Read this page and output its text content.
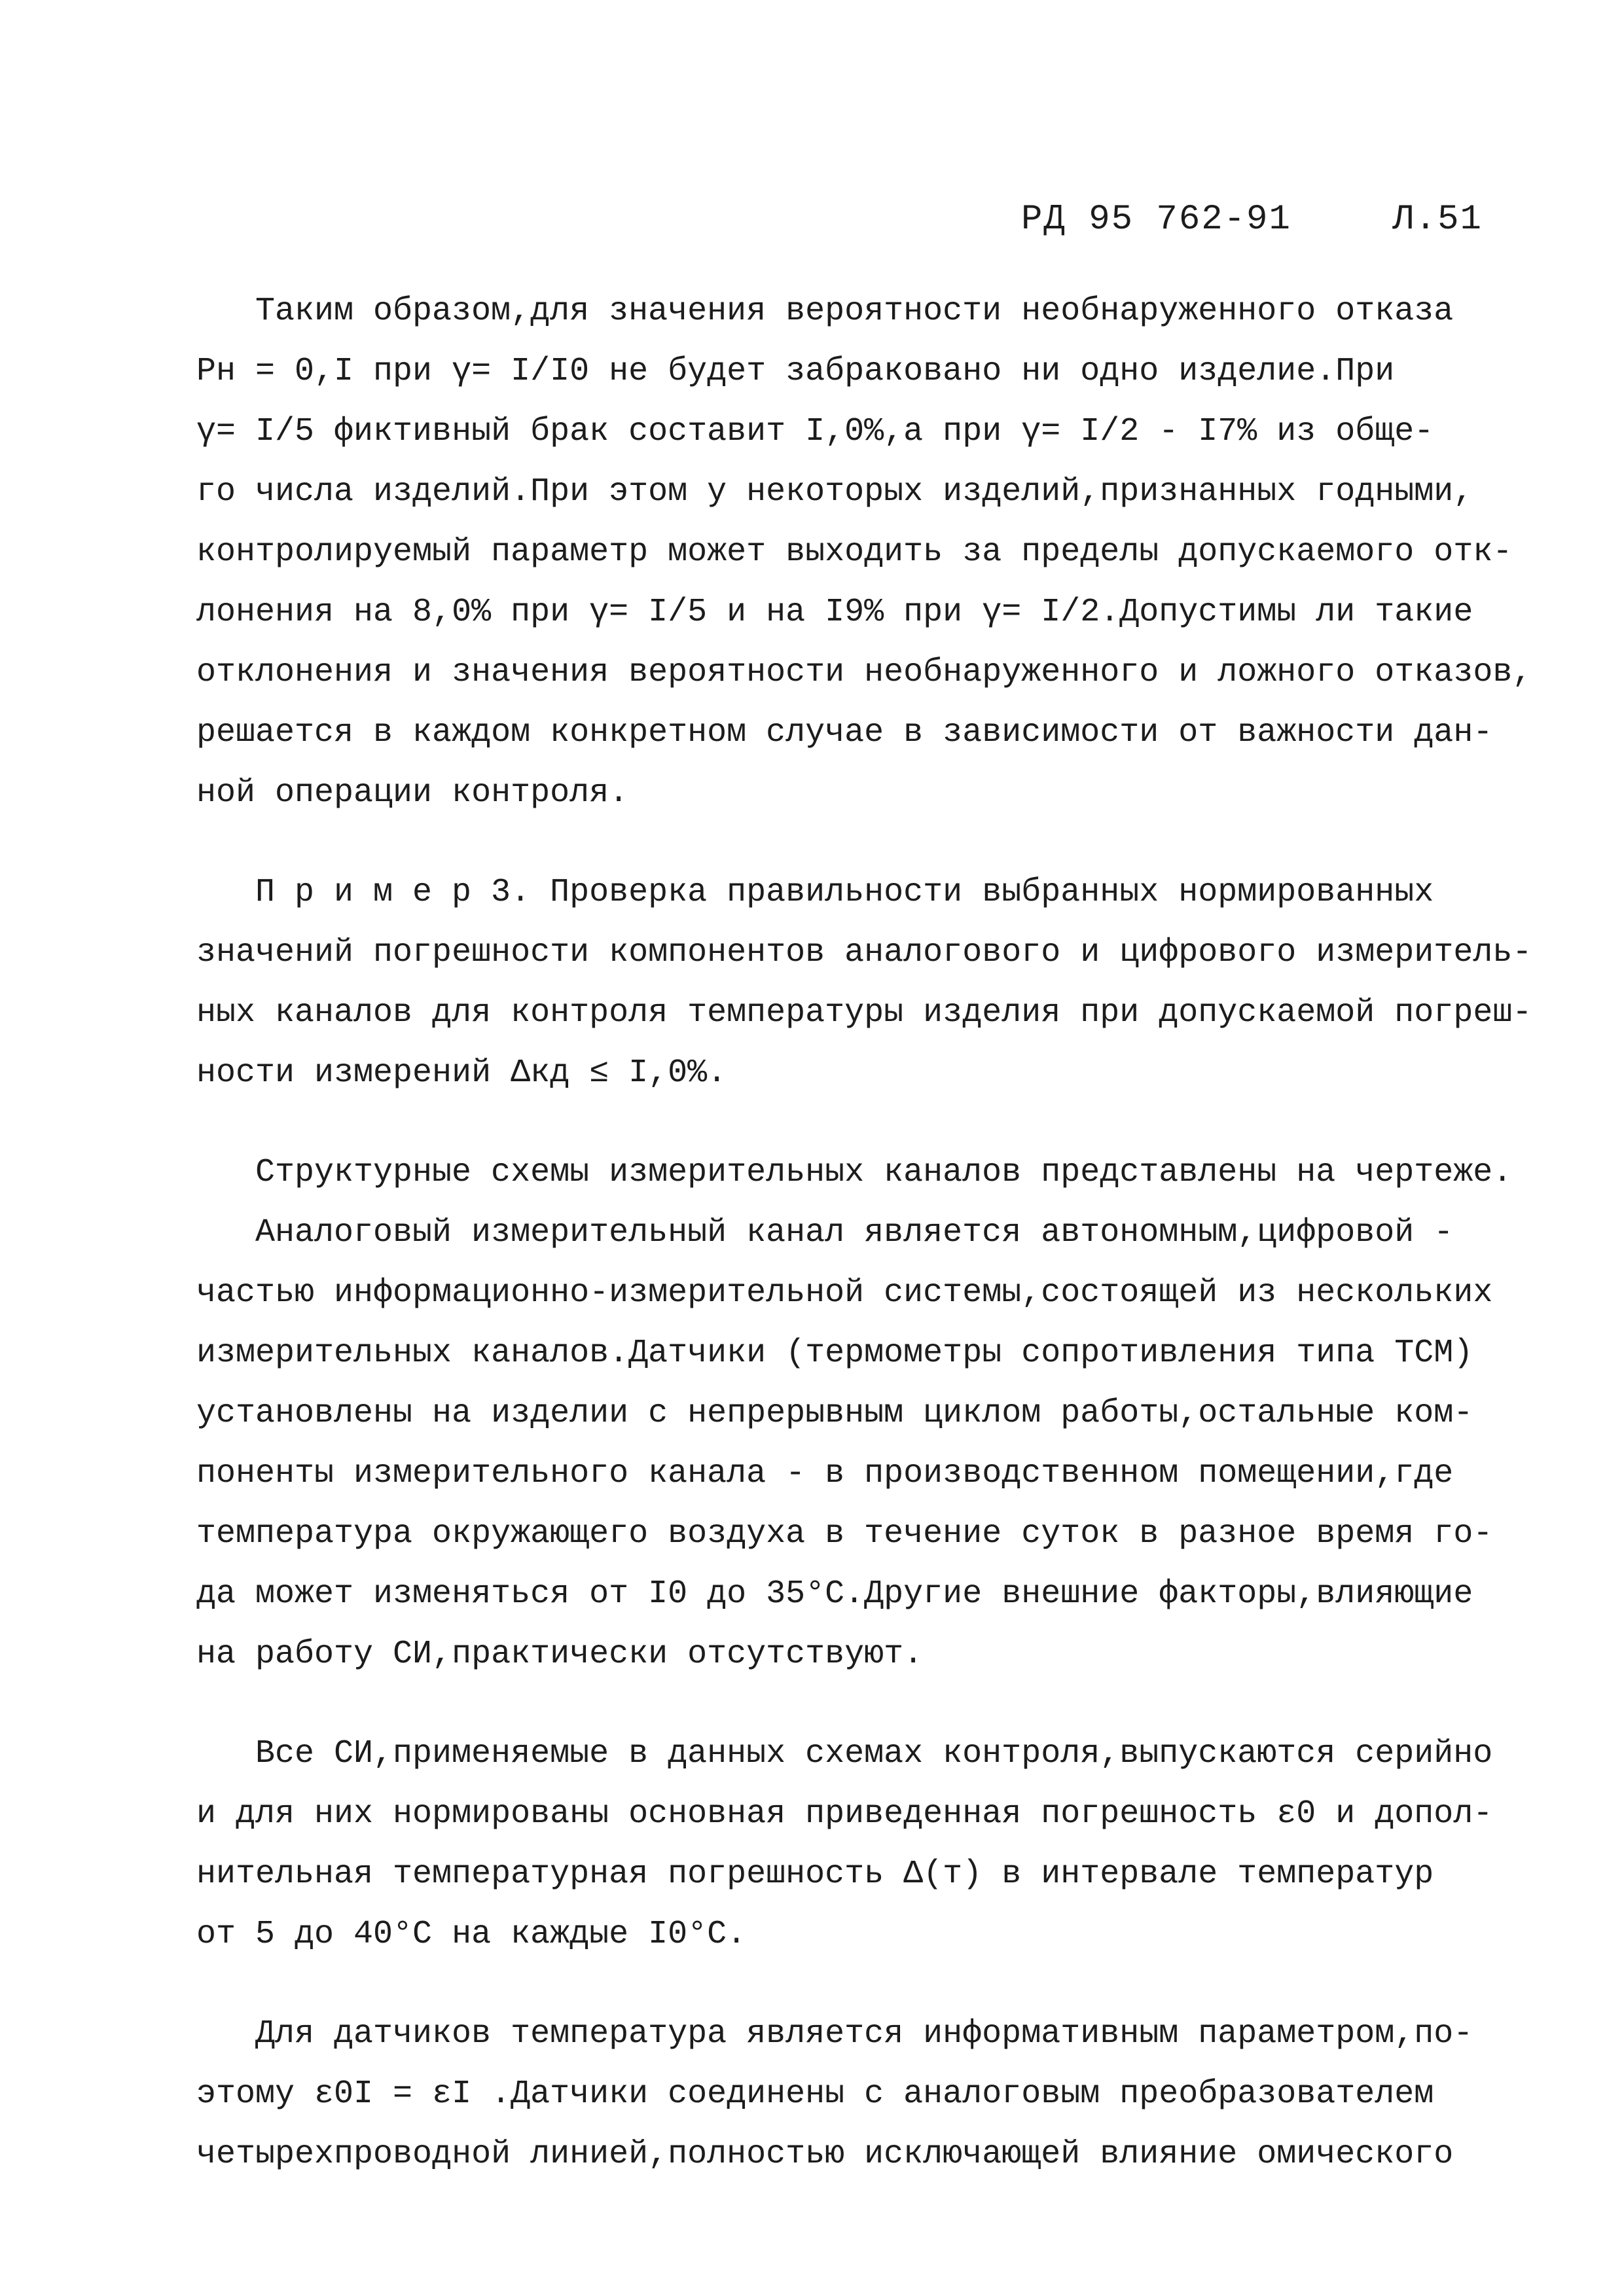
РД 95 762-91	Л.51
Таким образом,для значения вероятности необнаруженного отказа
Pн = 0,I при γ= I/I0 не будет забраковано ни одно изделие.При
γ= I/5 фиктивный брак составит I,0%,а при γ= I/2 - I7% из обще-
го числа изделий.При этом у некоторых изделий,признанных годными,
контролируемый параметр может выходить за пределы допускаемого отк-
лонения на 8,0% при γ= I/5 и на I9% при γ= I/2.Допустимы ли такие
отклонения и значения вероятности необнаруженного и ложного отказов,
решается в каждом конкретном случае в зависимости от важности дан-
ной операции контроля.
П р и м е р 3. Проверка правильности выбранных нормированных
значений погрешности компонентов аналогового и цифрового измеритель-
ных каналов для контроля температуры изделия при допускаемой погреш-
ности измерений Δкд ≤ I,0%.
Структурные схемы измерительных каналов представлены на чертеже.
Аналоговый измерительный канал является автономным,цифровой -
частью информационно-измерительной системы,состоящей из нескольких
измерительных каналов.Датчики (термометры сопротивления типа ТСМ)
установлены на изделии с непрерывным циклом работы,остальные ком-
поненты измерительного канала - в производственном помещении,где
температура окружающего воздуха в течение суток в разное время го-
да может изменяться от I0 до 35°С.Другие внешние факторы,влияющие
на работу СИ,практически отсутствуют.
Все СИ,применяемые в данных схемах контроля,выпускаются серийно
и для них нормированы основная приведенная погрешность ε0 и допол-
нительная температурная погрешность Δ(т) в интервале температур
от 5 до 40°С на каждые I0°С.
Для датчиков температура является информативным параметром,по-
этому ε0I = εI .Датчики соединены с аналоговым преобразователем
четырехпроводной линией,полностью исключающей влияние омического
